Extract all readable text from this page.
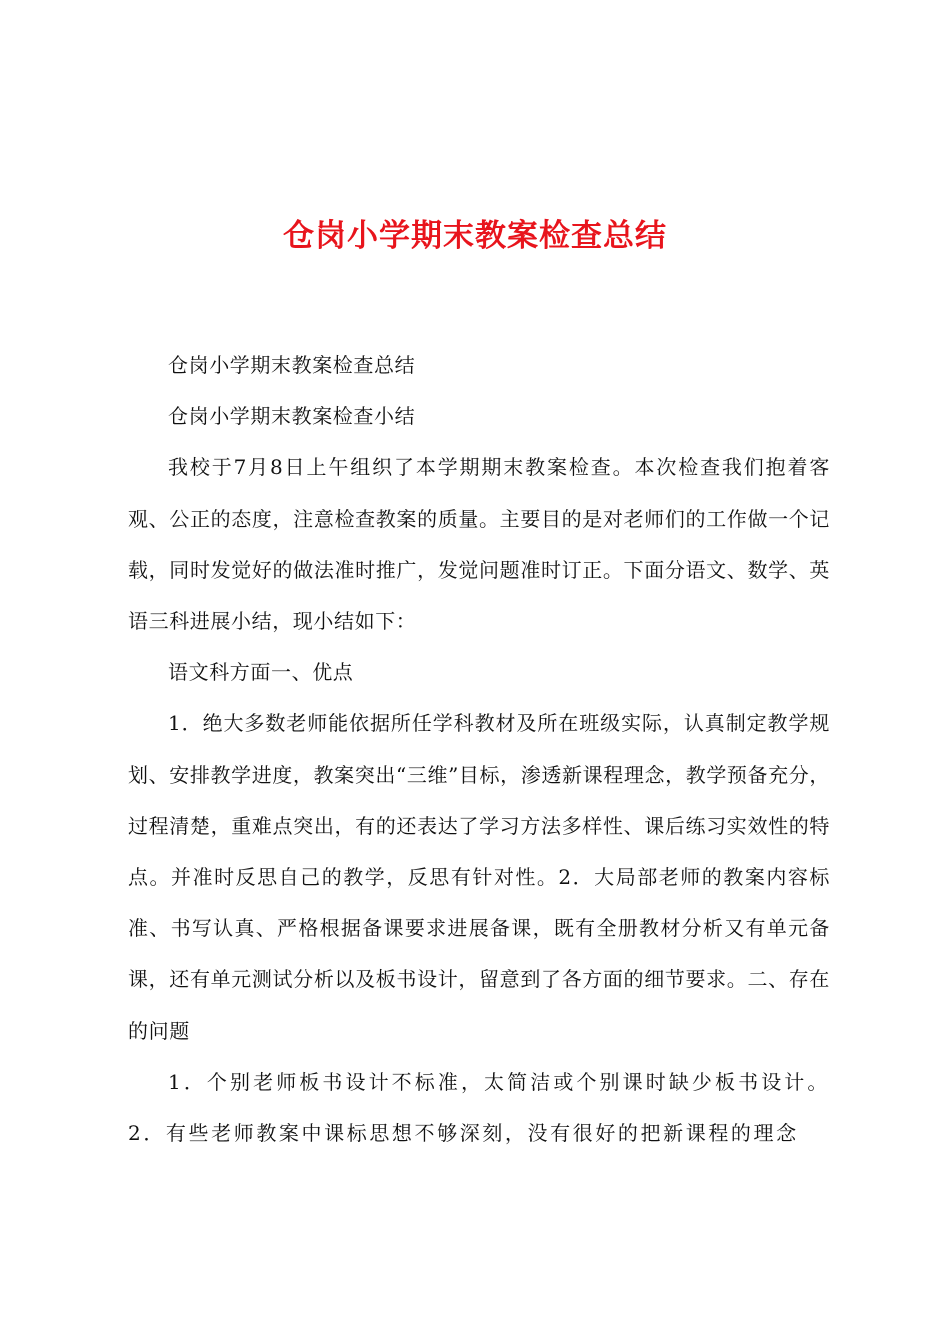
仓岗小学期末教案检查总结

仓岗小学期末教案检查总结

仓岗小学期末教案检查小结

我校于7月8日上午组织了本学期期末教案检查。本次检查我们抱着客观、公正的态度，注意检查教案的质量。主要目的是对老师们的工作做一个记载，同时发觉好的做法准时推广，发觉问题准时订正。下面分语文、数学、英语三科进展小结，现小结如下：

语文科方面一、优点

1．绝大多数老师能依据所任学科教材及所在班级实际，认真制定教学规划、安排教学进度，教案突出“三维”目标，渗透新课程理念，教学预备充分，过程清楚，重难点突出，有的还表达了学习方法多样性、课后练习实效性的特点。并准时反思自己的教学，反思有针对性。2．大局部老师的教案内容标准、书写认真、严格根据备课要求进展备课，既有全册教材分析又有单元备课，还有单元测试分析以及板书设计，留意到了各方面的细节要求。二、存在的问题

1．个别老师板书设计不标准，太简洁或个别课时缺少板书设计。2．有些老师教案中课标思想不够深刻，没有很好的把新课程的理念
